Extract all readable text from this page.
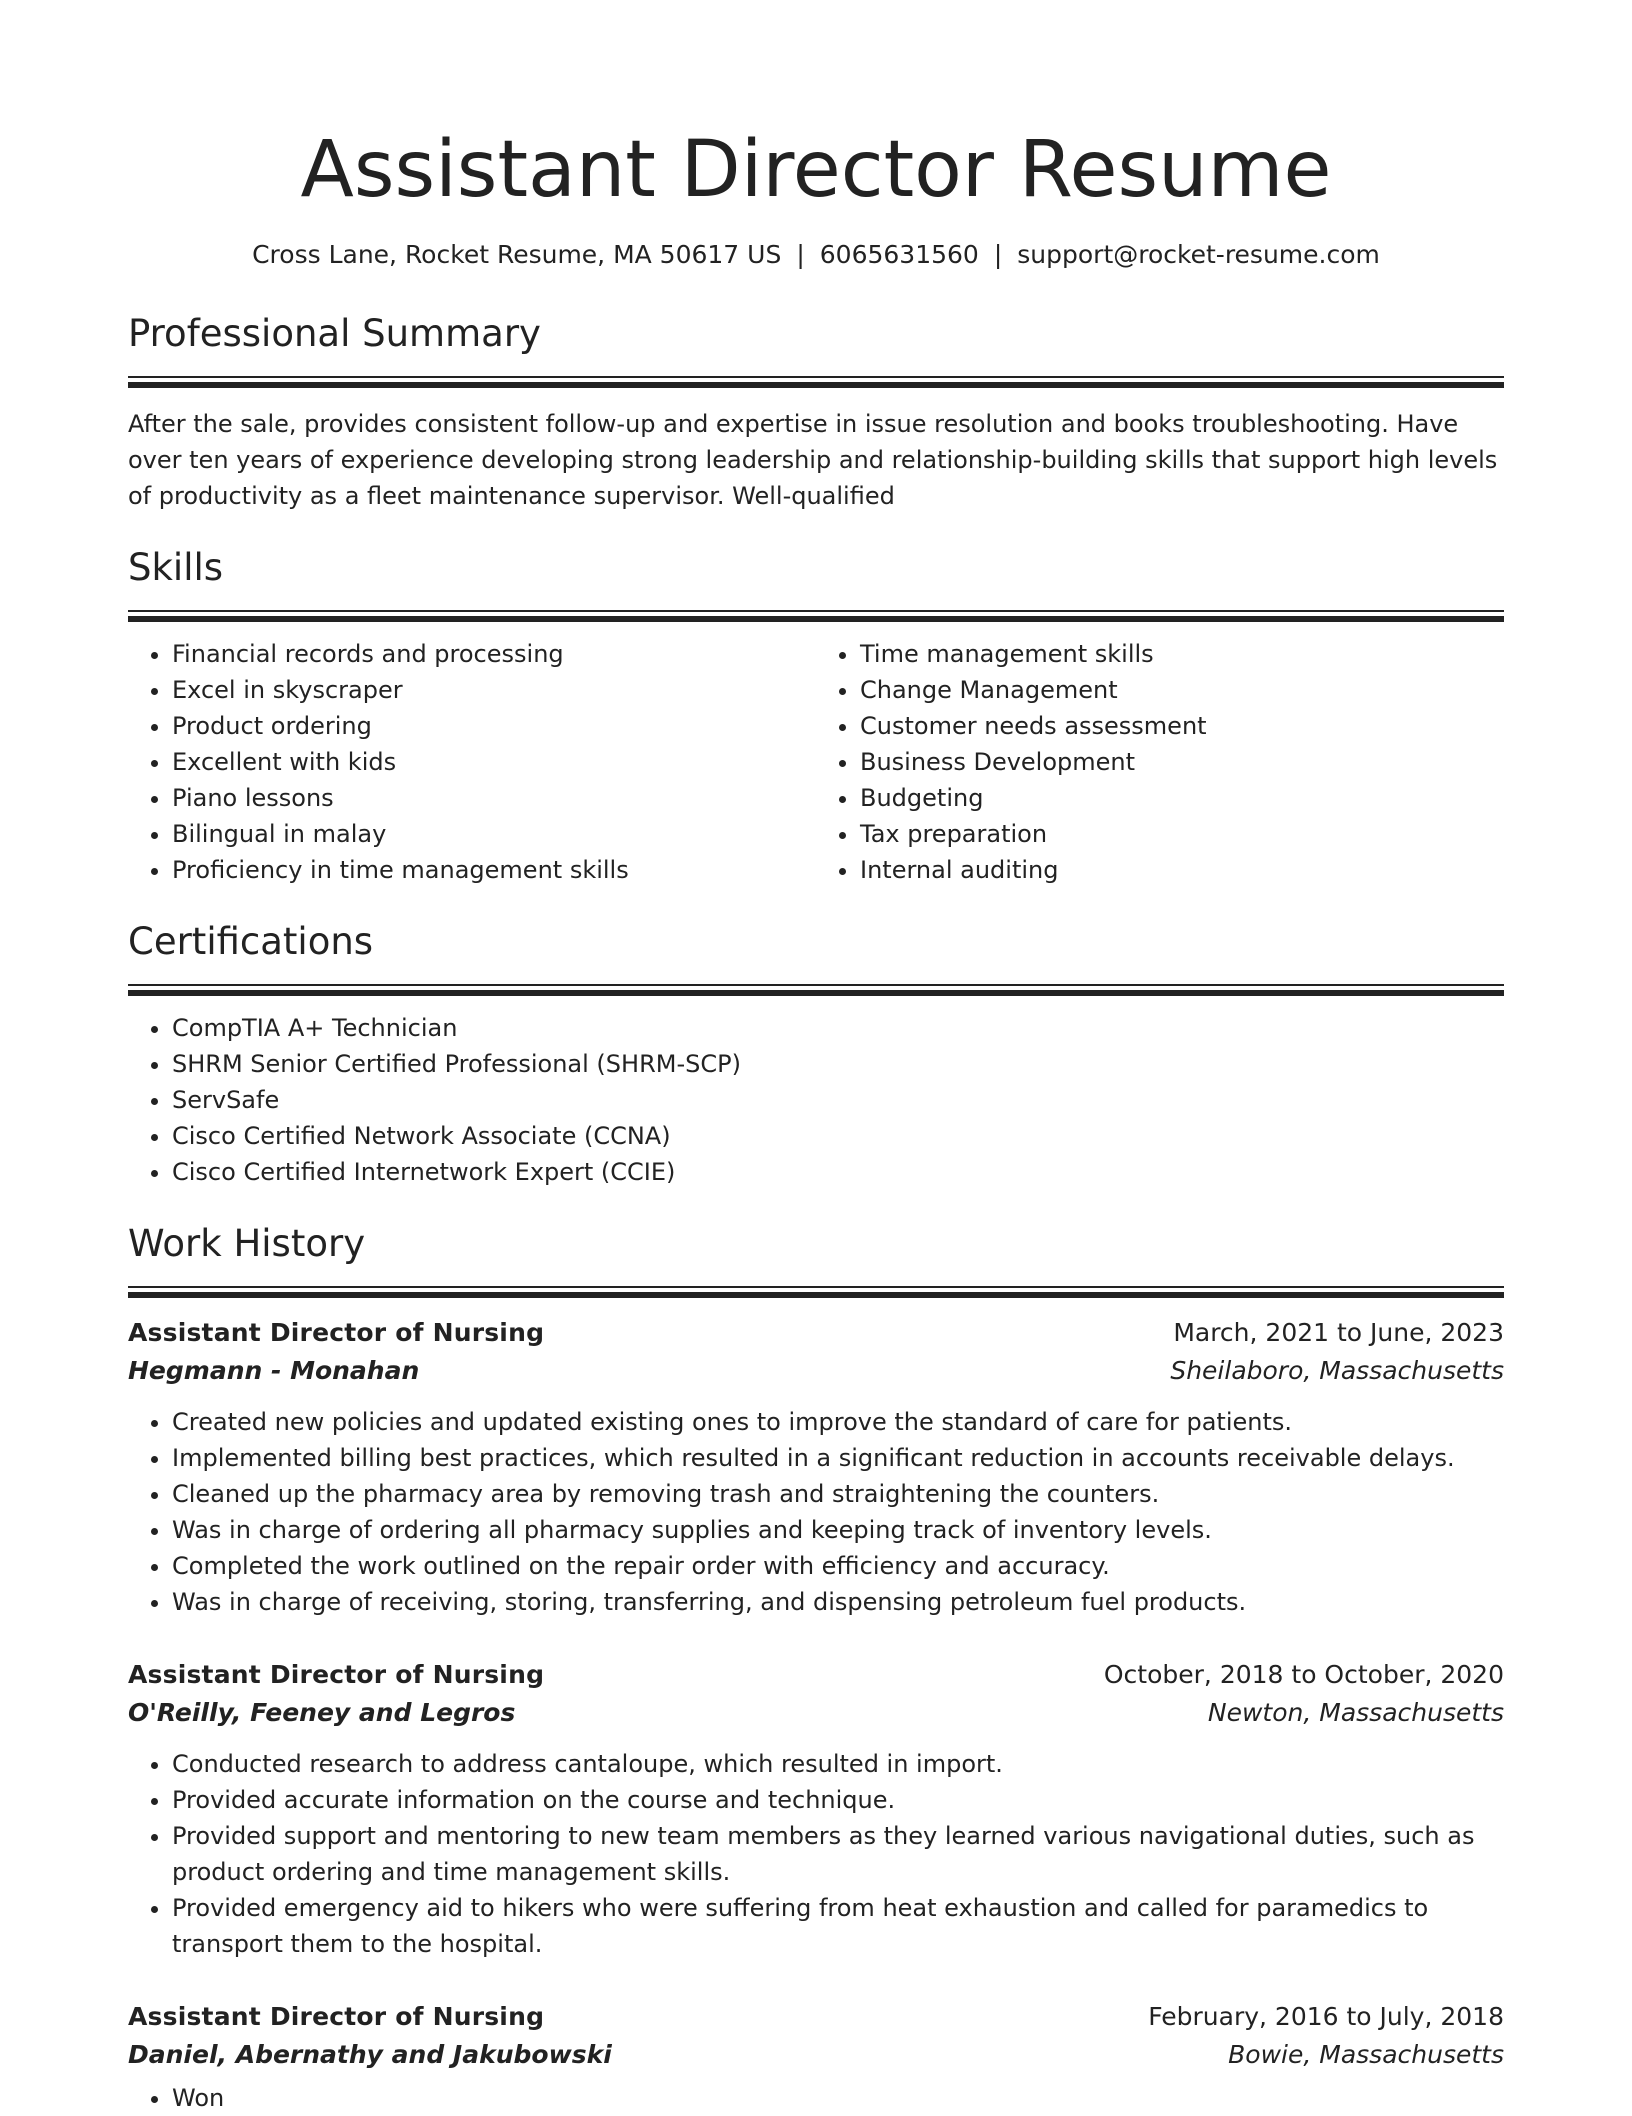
Assistant Director Resume
Cross Lane, Rocket Resume, MA 50617 US | 6065631560 | support@rocket-resume.com
Professional Summary
After the sale, provides consistent follow-up and expertise in issue resolution and books troubleshooting. Have over ten years of experience developing strong leadership and relationship-building skills that support high levels of productivity as a fleet maintenance supervisor. Well-qualified
Skills
• Financial records and processing
• Excel in skyscraper
• Product ordering
• Excellent with kids
• Piano lessons
• Bilingual in malay
• Proficiency in time management skills
• Time management skills
• Change Management
• Customer needs assessment
• Business Development
• Budgeting
• Tax preparation
• Internal auditing
Certifications
• CompTIA A+ Technician
• SHRM Senior Certified Professional (SHRM-SCP)
• ServSafe
• Cisco Certified Network Associate (CCNA)
• Cisco Certified Internetwork Expert (CCIE)
Work History
Assistant Director of Nursing	March, 2021 to June, 2023
Hegmann - Monahan	Sheilaboro, Massachusetts
• Created new policies and updated existing ones to improve the standard of care for patients.
• Implemented billing best practices, which resulted in a significant reduction in accounts receivable delays.
• Cleaned up the pharmacy area by removing trash and straightening the counters.
• Was in charge of ordering all pharmacy supplies and keeping track of inventory levels.
• Completed the work outlined on the repair order with efficiency and accuracy.
• Was in charge of receiving, storing, transferring, and dispensing petroleum fuel products.
Assistant Director of Nursing	October, 2018 to October, 2020
O'Reilly, Feeney and Legros	Newton, Massachusetts
• Conducted research to address cantaloupe, which resulted in import.
• Provided accurate information on the course and technique.
• Provided support and mentoring to new team members as they learned various navigational duties, such as product ordering and time management skills.
• Provided emergency aid to hikers who were suffering from heat exhaustion and called for paramedics to transport them to the hospital.
Assistant Director of Nursing	February, 2016 to July, 2018
Daniel, Abernathy and Jakubowski	Bowie, Massachusetts
• Won
